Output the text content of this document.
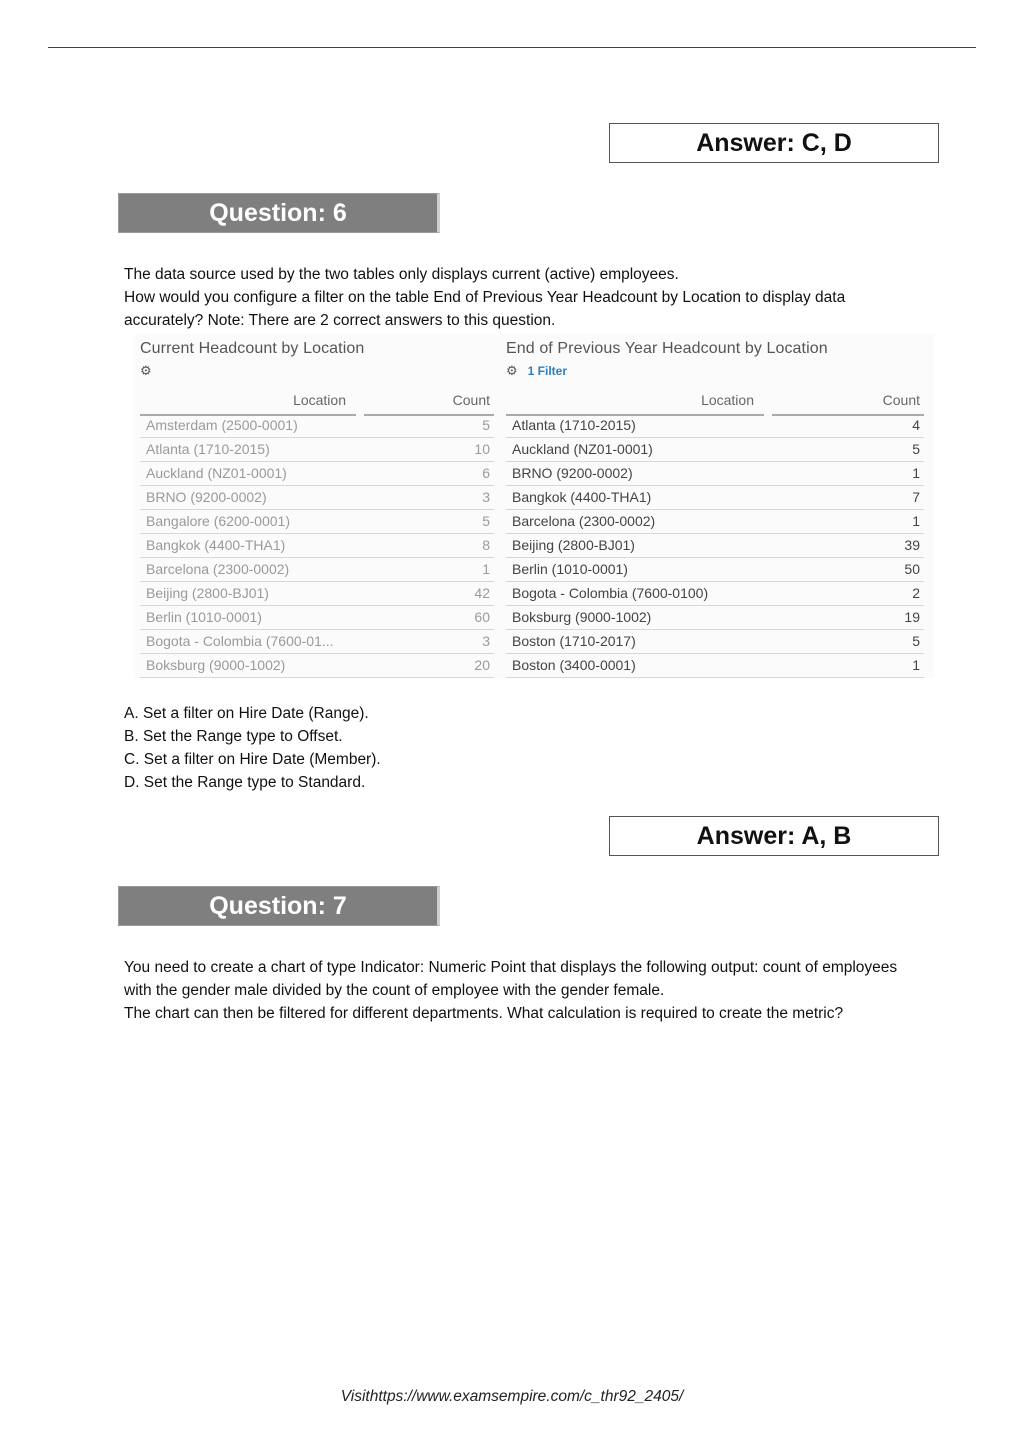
Answer: C, D
Question: 6

The data source used by the two tables only displays current (active) employees.

How would you configure a filter on the table End of Previous Year Headcount by Location to display data accurately? Note: There are 2 correct answers to this question.

Current Headcount by Location
⚙
Location	Count
Amsterdam (2500-0001)	5
Atlanta (1710-2015)	10
Auckland (NZ01-0001)	6
BRNO (9200-0002)	3
Bangalore (6200-0001)	5
Bangkok (4400-THA1)	8
Barcelona (2300-0002)	1
Beijing (2800-BJ01)	42
Berlin (1010-0001)	60
Bogota - Colombia (7600-01...	3
Boksburg (9000-1002)	20
End of Previous Year Headcount by Location
⚙ 1 Filter
Location	Count
Atlanta (1710-2015)	4
Auckland (NZ01-0001)	5
BRNO (9200-0002)	1
Bangkok (4400-THA1)	7
Barcelona (2300-0002)	1
Beijing (2800-BJ01)	39
Berlin (1010-0001)	50
Bogota - Colombia (7600-0100)	2
Boksburg (9000-1002)	19
Boston (1710-2017)	5
Boston (3400-0001)	1

A. Set a filter on Hire Date (Range).

B. Set the Range type to Offset.

C. Set a filter on Hire Date (Member).

D. Set the Range type to Standard.

Answer: A, B
Question: 7

You need to create a chart of type Indicator: Numeric Point that displays the following output: count of employees with the gender male divided by the count of employee with the gender female.

The chart can then be filtered for different departments. What calculation is required to create the metric?

Visithttps://www.examsempire.com/c_thr92_2405/
